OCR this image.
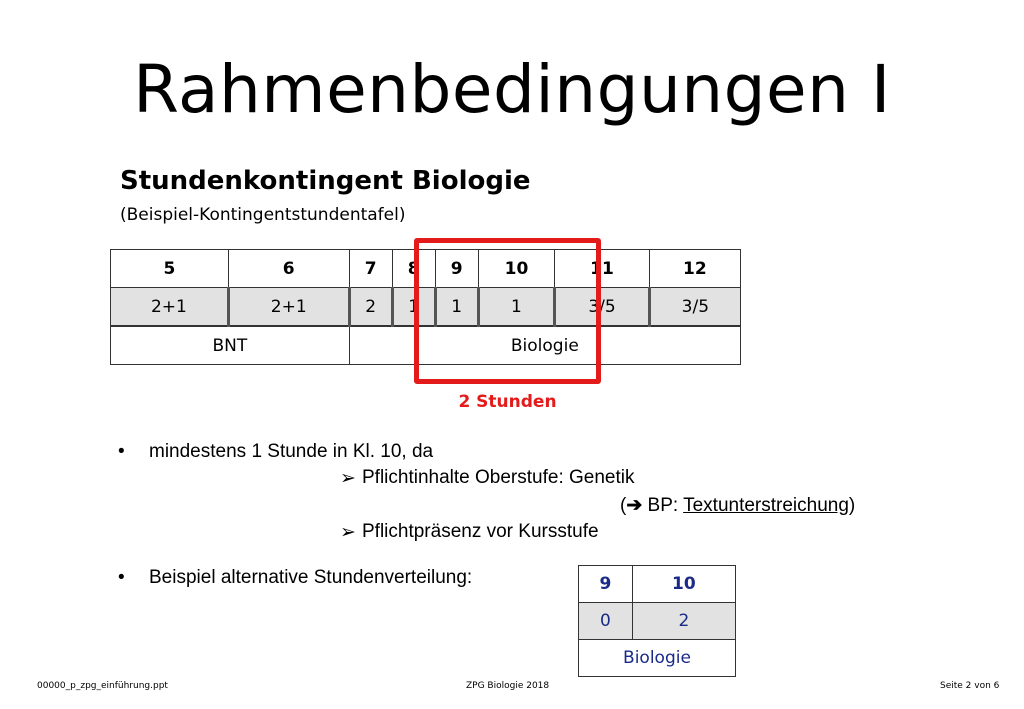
Rahmenbedingungen I
Stundenkontingent Biologie
(Beispiel-Kontingentstundentafel)
5	6	7	8	9	10	11	12
2+1	2+1	2	1	1	1	3/5	3/5
BNT		Biologie					
2 Stunden
• mindestens 1 Stunde in Kl. 10, da
➢ Pflichtinhalte Oberstufe: Genetik
(➔ BP: Textunterstreichung)
➢ Pflichtpräsenz vor Kursstufe
• Beispiel alternative Stundenverteilung:	9	10
0	2
Biologie	
00000_p_zpg_einführung.ppt	ZPG Biologie 2018	Seite 2 von 6
